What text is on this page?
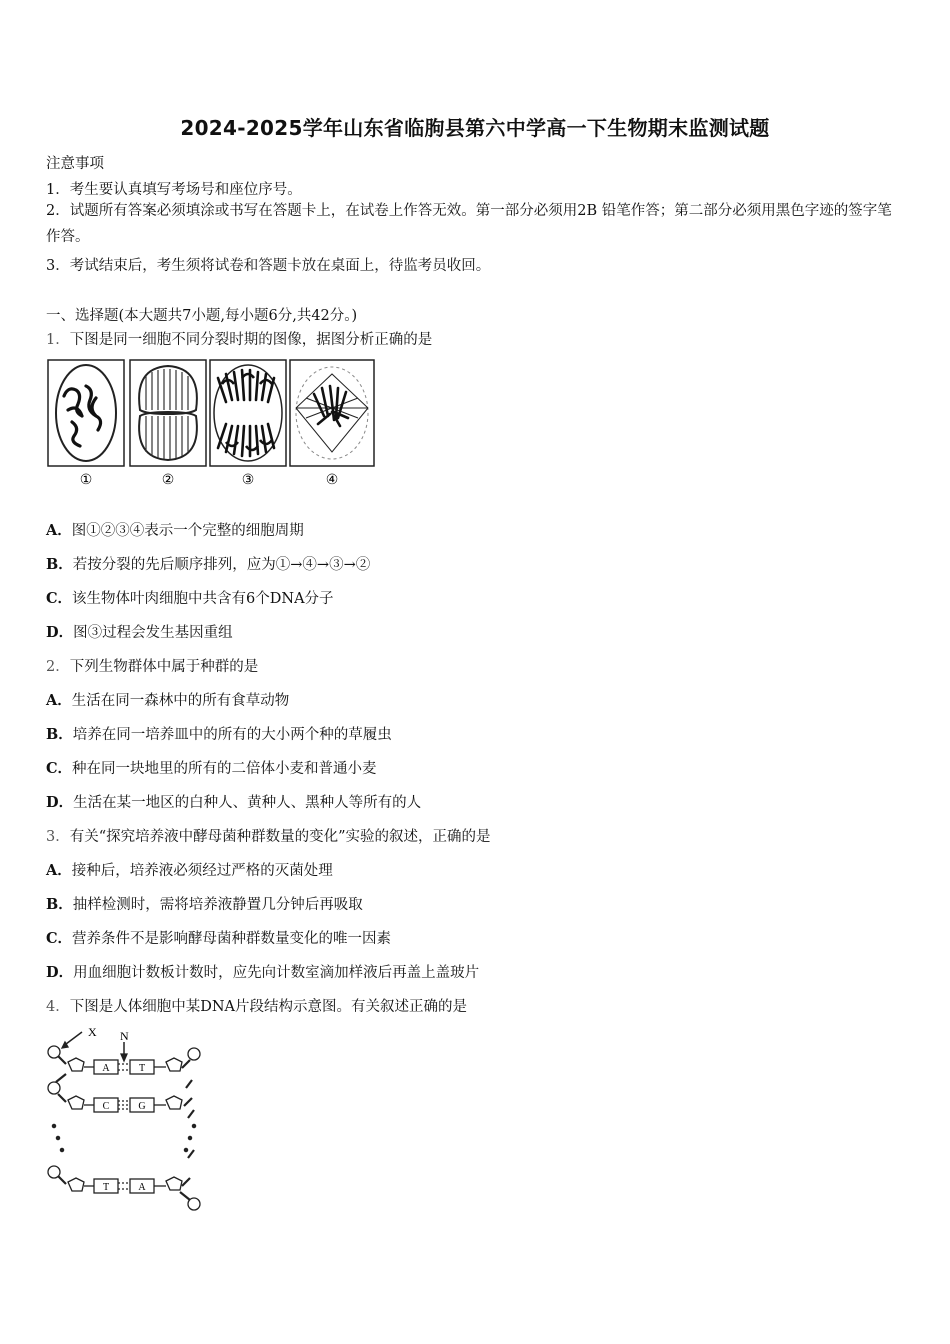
2024-2025学年山东省临朐县第六中学高一下生物期末监测试题
注意事项
1．考生要认真填写考场号和座位序号。
2．试题所有答案必须填涂或书写在答题卡上，在试卷上作答无效。第一部分必须用2B 铅笔作答；第二部分必须用黑色字迹的签字笔作答。
3．考试结束后，考生须将试卷和答题卡放在桌面上，待监考员收回。
一、选择题(本大题共7小题,每小题6分,共42分。)
1．下图是同一细胞不同分裂时期的图像，据图分析正确的是
①	②	③	④
A．图①②③④表示一个完整的细胞周期
B．若按分裂的先后顺序排列，应为①→④→③→②
C．该生物体叶肉细胞中共含有6个DNA分子
D．图③过程会发生基因重组
2．下列生物群体中属于种群的是
A．生活在同一森林中的所有食草动物
B．培养在同一培养皿中的所有的大小两个种的草履虫
C．种在同一块地里的所有的二倍体小麦和普通小麦
D．生活在某一地区的白种人、黄种人、黑种人等所有的人
3．有关“探究培养液中酵母菌种群数量的变化”实验的叙述，正确的是
A．接种后，培养液必须经过严格的灭菌处理
B．抽样检测时，需将培养液静置几分钟后再吸取
C．营养条件不是影响酵母菌种群数量变化的唯一因素
D．用血细胞计数板计数时，应先向计数室滴加样液后再盖上盖玻片
4．下图是人体细胞中某DNA片段结构示意图。有关叙述正确的是
X N
A	T
C	G
T	A
